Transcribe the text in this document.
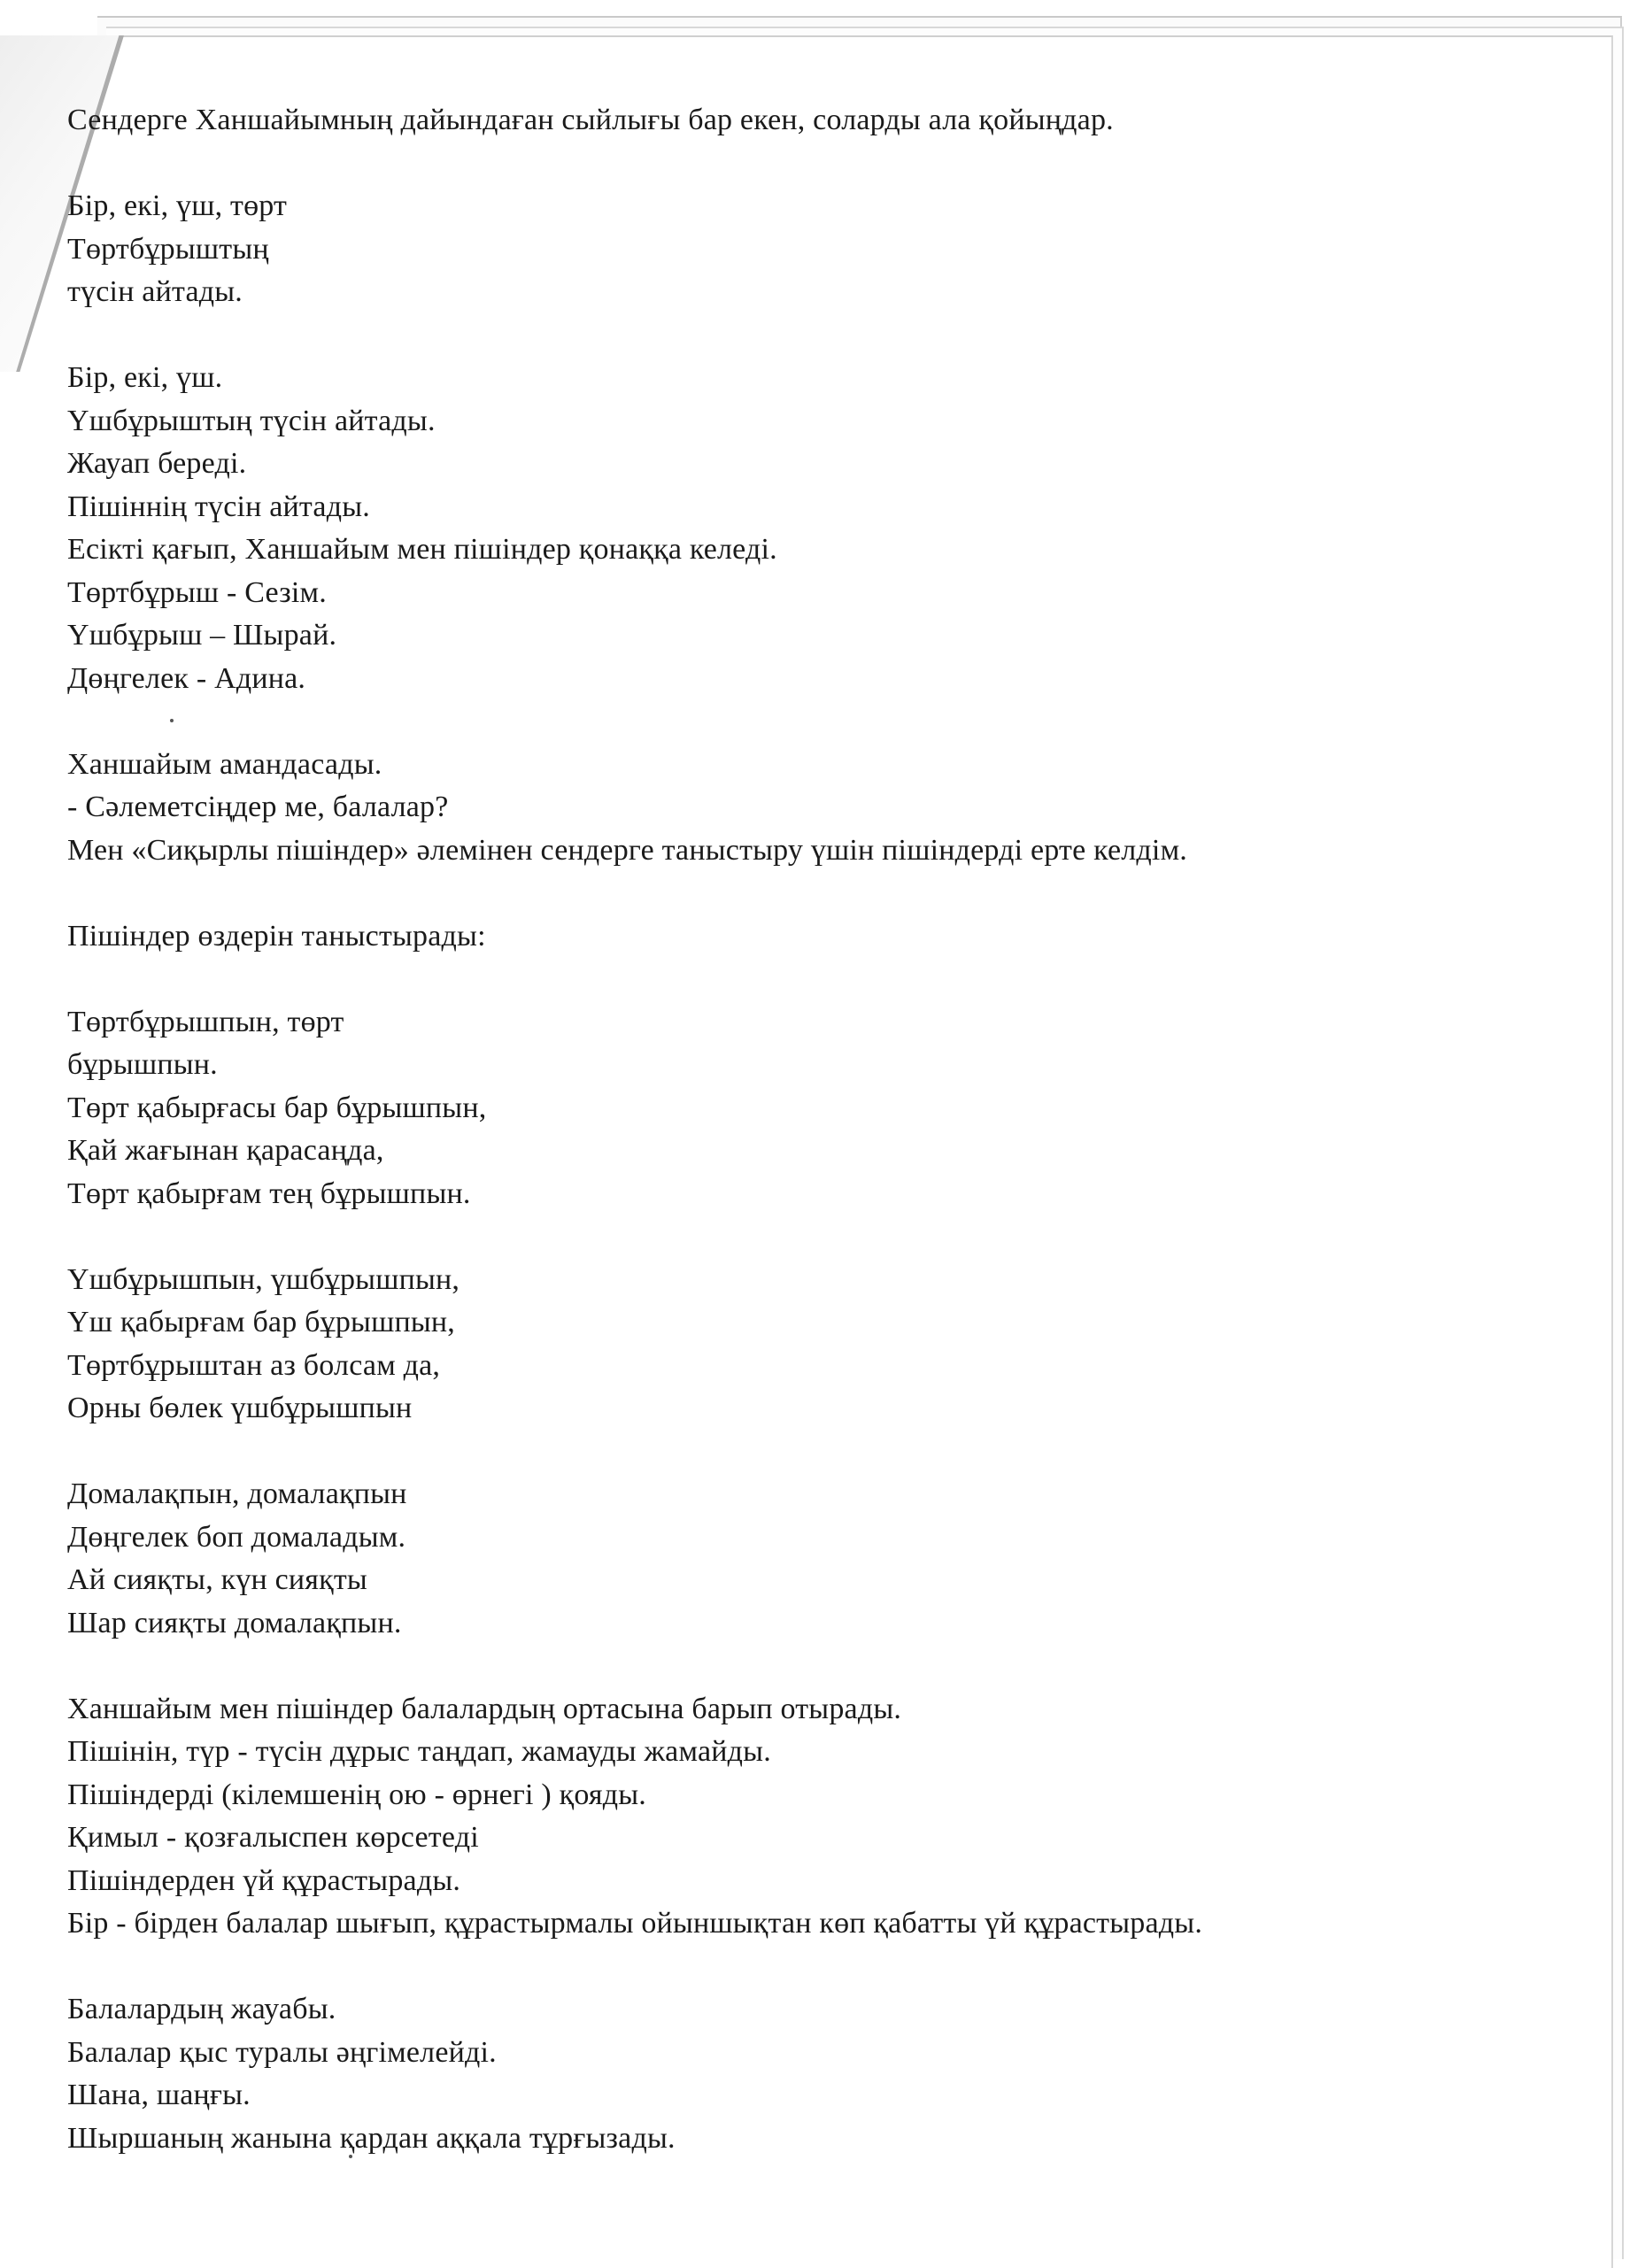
Сендерге Ханшайымның дайындаған сыйлығы бар екен, соларды ала қойыңдар.
Бір, екі, үш, төрт
Төртбұрыштың
түсін айтады.
Бір, екі, үш.
Үшбұрыштың түсін айтады.
Жауап береді.
Пішіннің түсін айтады.
Есікті қағып, Ханшайым мен пішіндер қонаққа келеді.
Төртбұрыш - Сезім.
Үшбұрыш – Шырай.
Дөңгелек - Адина.
Ханшайым амандасады.
- Сәлеметсіңдер ме, балалар?
Мен «Сиқырлы пішіндер» әлемінен сендерге таныстыру үшін пішіндерді ерте келдім.
Пішіндер өздерін таныстырады:
Төртбұрышпын, төрт
бұрышпын.
Төрт қабырғасы бар бұрышпын,
Қай жағынан қарасаңда,
Төрт қабырғам тең бұрышпын.
Үшбұрышпын, үшбұрышпын,
Үш қабырғам бар бұрышпын,
Төртбұрыштан аз болсам да,
Орны бөлек үшбұрышпын
Домалақпын, домалақпын
Дөңгелек боп домаладым.
Ай сияқты, күн сияқты
Шар сияқты домалақпын.
Ханшайым мен пішіндер балалардың ортасына барып отырады.
Пішінін, түр - түсін дұрыс таңдап, жамауды жамайды.
Пішіндерді (кілемшенің ою - өрнегі ) қояды.
Қимыл - қозғалыспен көрсетеді
Пішіндерден үй құрастырады.
Бір - бірден балалар шығып, құрастырмалы ойыншықтан көп қабатты үй құрастырады.
Балалардың жауабы.
Балалар қыс туралы әңгімелейді.
Шана, шаңғы.
Шыршаның жанына қардан аққала тұрғызады.
